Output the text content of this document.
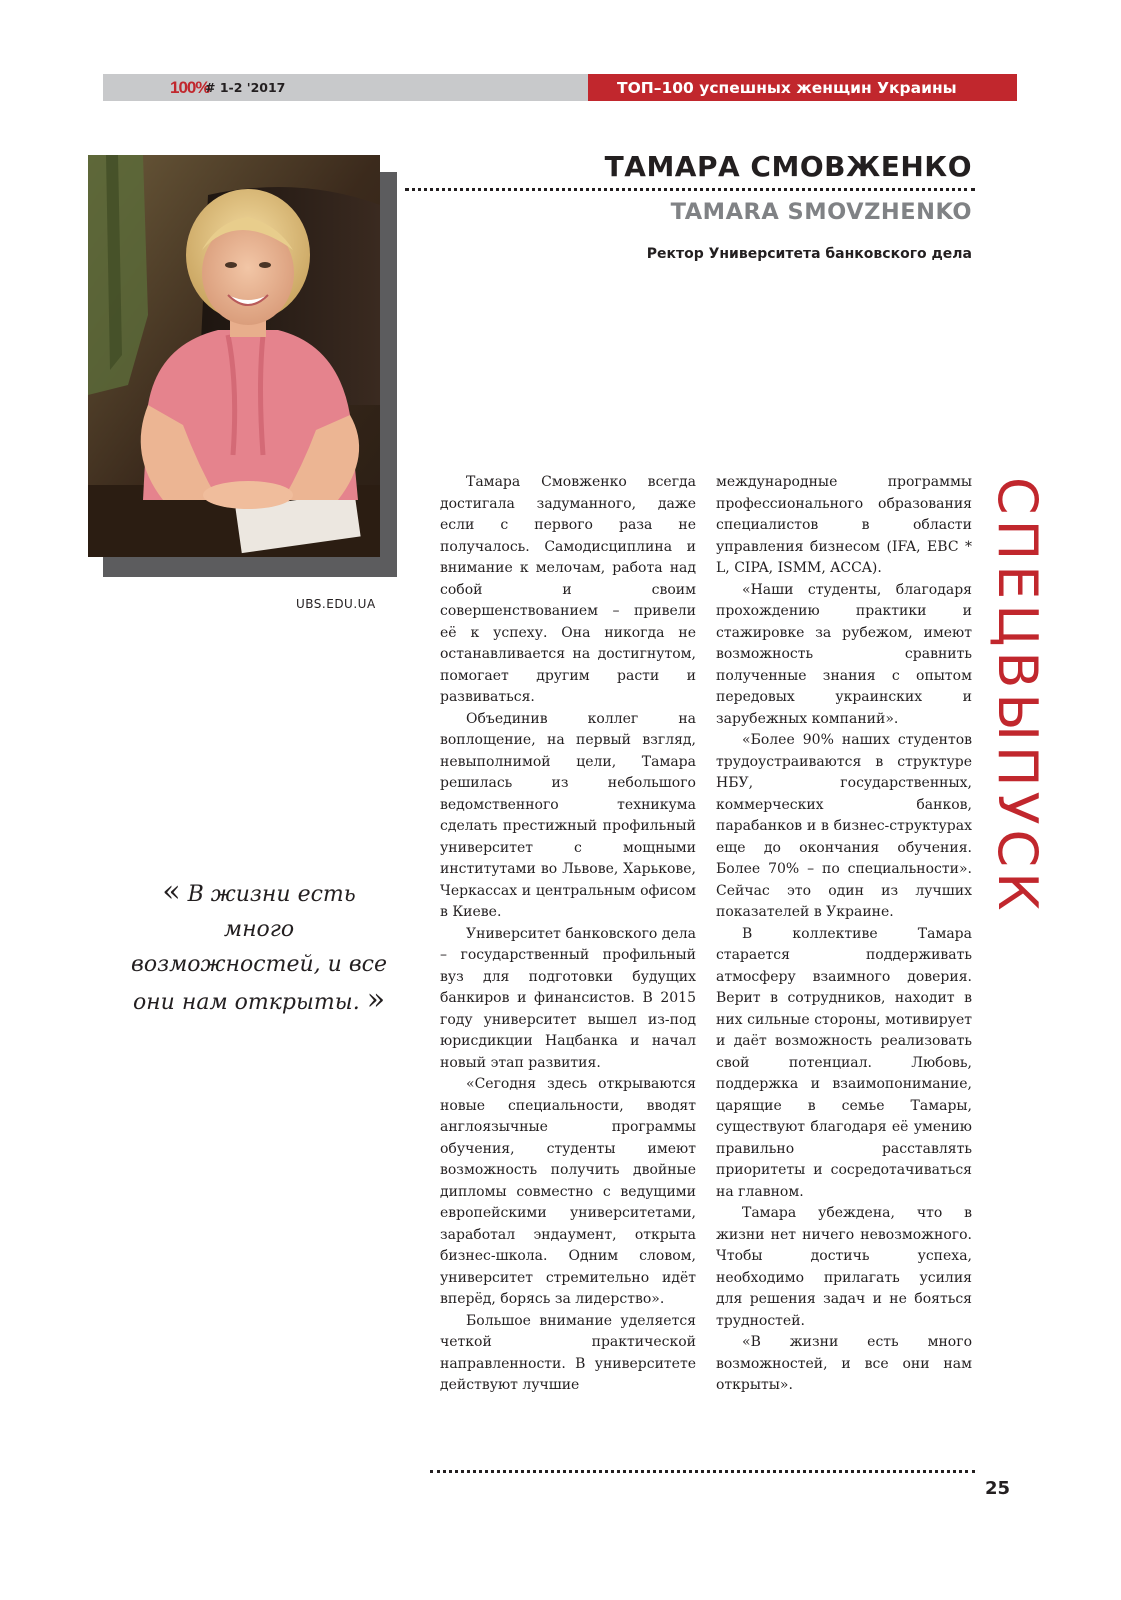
100%
# 1-2 '2017	ТОП–100 успешных женщин Украины
UBS.EDU.UA
ТАМАРА СМОВЖЕНКО
TAMARA SMOVZHENKO
Ректор Университета банковского дела
« В жизни есть много возможностей, и все они нам открыты. »

Тамара Смовженко всегда достигала задуманного, даже если с первого раза не получалось. Самодисциплина и внимание к мелочам, работа над собой и своим совершенствованием – привели её к успеху. Она никогда не останавливается на достигнутом, помогает другим расти и развиваться.

Объединив коллег на воплощение, на первый взгляд, невыполнимой цели, Тамара решилась из небольшого ведомственного техникума сделать престижный профильный университет с мощными институтами во Львове, Харькове, Черкассах и центральным офисом в Киеве.

Университет банковского дела – государственный профильный вуз для подготовки будущих банкиров и финансистов. В 2015 году университет вышел из-под юрисдикции Нацбанка и начал новый этап развития.

«Сегодня здесь открываются новые специальности, вводят англоязычные программы обучения, студенты имеют возможность получить двойные дипломы совместно с ведущими европейскими университетами, заработал эндаумент, открыта бизнес-школа. Одним словом, университет стремительно идёт вперёд, борясь за лидерство».

Большое внимание уделяется четкой практической направленности. В университете действуют лучшие

международные программы профессионального образования специалистов в области управления бизнесом (IFA, EBC * L, CIPA, ISMM, ACCA).

«Наши студенты, благодаря прохождению практики и стажировке за рубежом, имеют возможность сравнить полученные знания с опытом передовых украинских и зарубежных компаний».

«Более 90% наших студентов трудоустраиваются в структуре НБУ, государственных, коммерческих банков, парабанков и в бизнес-структурах еще до окончания обучения. Более 70% – по специальности». Сейчас это один из лучших показателей в Украине.

В коллективе Тамара старается поддерживать атмосферу взаимного доверия. Верит в сотрудников, находит в них сильные стороны, мотивирует и даёт возможность реализовать свой потенциал. Любовь, поддержка и взаимопонимание, царящие в семье Тамары, существуют благодаря её умению правильно расставлять приоритеты и сосредотачиваться на главном.

Тамара убеждена, что в жизни нет ничего невозможного. Чтобы достичь успеха, необходимо прилагать усилия для решения задач и не бояться трудностей.

«В жизни есть много возможностей, и все они нам открыты».

СПЕЦВЫПУСК
25
